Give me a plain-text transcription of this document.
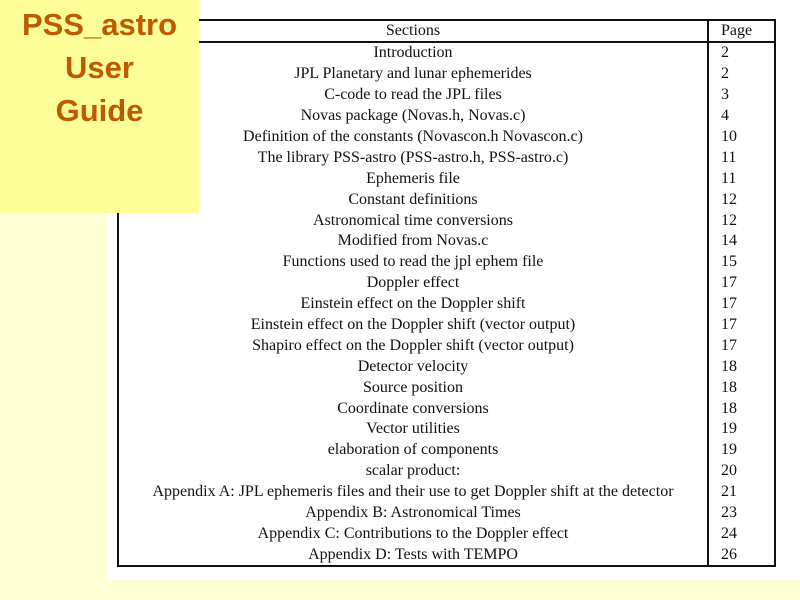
PSS_astro
User
Guide
Sections	Page
Introduction	2
JPL Planetary and lunar ephemerides	2
C-code to read the JPL files	3
Novas package (Novas.h, Novas.c)	4
Definition of the constants (Novascon.h Novascon.c)	10
The library PSS-astro (PSS-astro.h, PSS-astro.c)	11
Ephemeris file	11
Constant definitions	12
Astronomical time conversions	12
Modified from Novas.c	14
Functions used to read the jpl ephem file	15
Doppler effect	17
Einstein effect on the Doppler shift	17
Einstein effect on the Doppler shift (vector output)	17
Shapiro effect on the Doppler shift (vector output)	17
Detector velocity	18
Source position	18
Coordinate conversions	18
Vector utilities	19
elaboration of components	19
scalar product:	20
Appendix A: JPL ephemeris files and their use to get Doppler shift at the detector	21
Appendix B: Astronomical Times	23
Appendix C: Contributions to the Doppler effect	24
Appendix D: Tests with TEMPO	26
